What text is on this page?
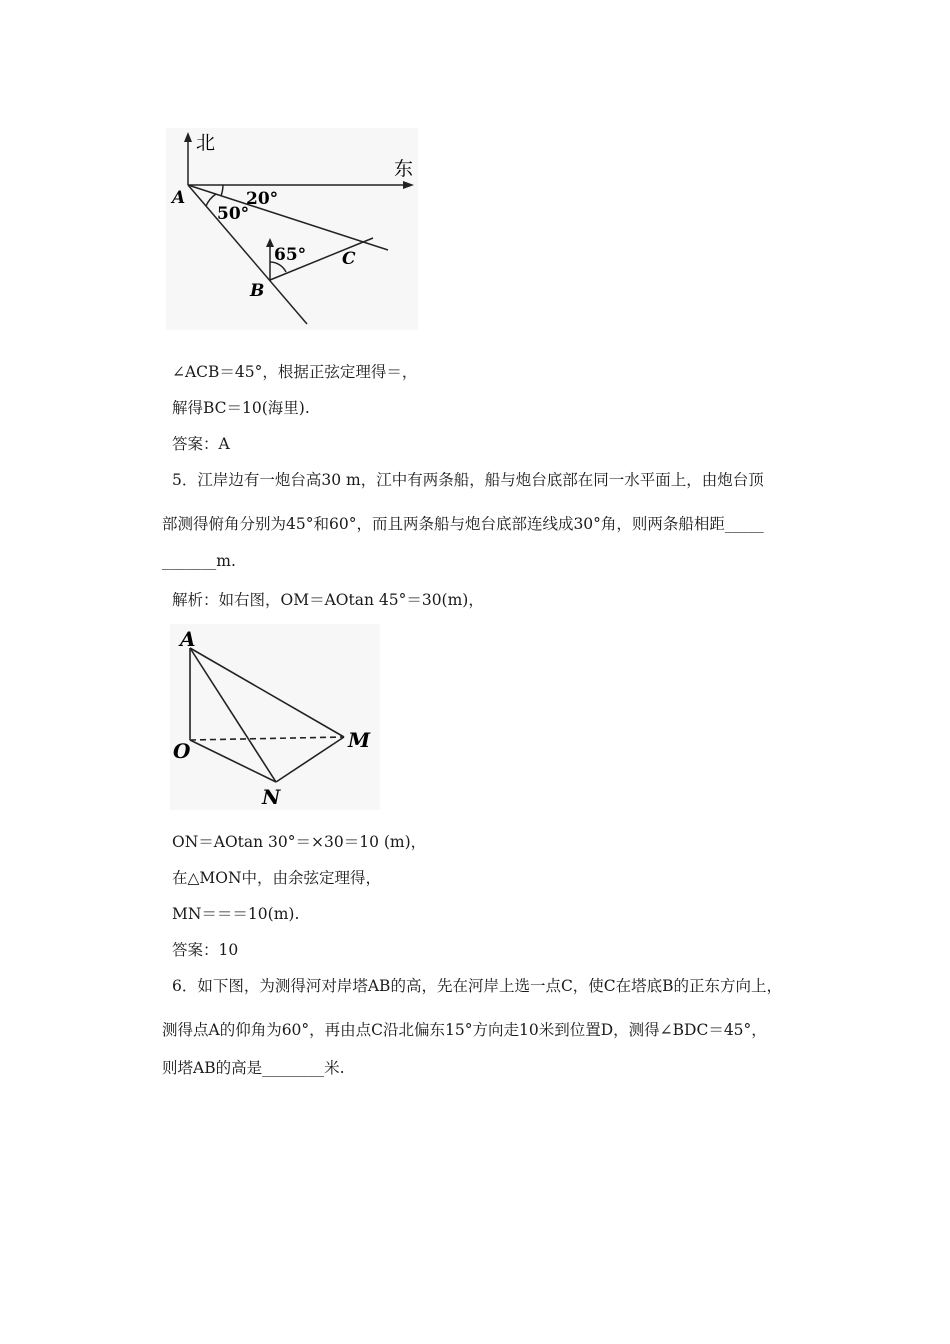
北
东
A
B
C
20°
50°
65°
∠ACB＝45°，根据正弦定理得＝，
解得BC＝10(海里).
答案：A
5．江岸边有一炮台高30 m，江中有两条船，船与炮台底部在同一水平面上，由炮台顶
部测得俯角分别为45°和60°，而且两条船与炮台底部连线成30°角，则两条船相距_____
_______m.
解析：如右图，OM＝AOtan 45°＝30(m)，
A
O	M
N
ON＝AOtan 30°＝×30＝10 (m)，
在△MON中，由余弦定理得，
MN＝＝＝10(m).
答案：10
6．如下图，为测得河对岸塔AB的高，先在河岸上选一点C，使C在塔底B的正东方向上，
测得点A的仰角为60°，再由点C沿北偏东15°方向走10米到位置D，测得∠BDC＝45°，
则塔AB的高是________米.
